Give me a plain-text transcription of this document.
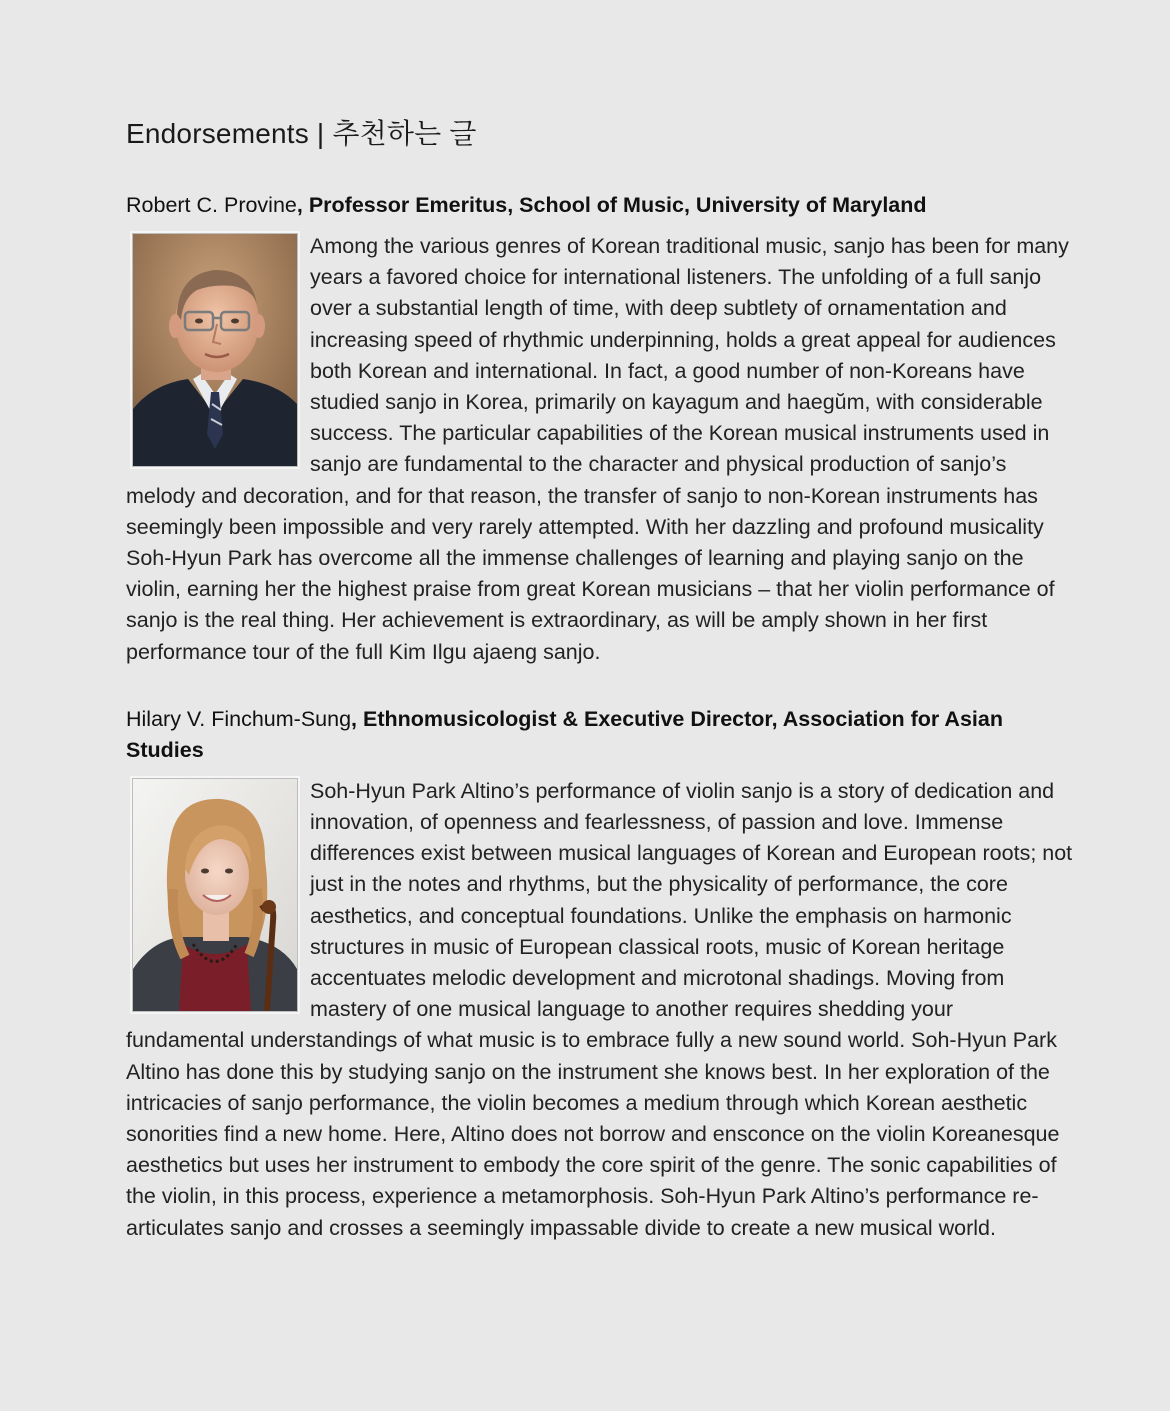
Endorsements | 추천하는 글
Robert C. Provine, Professor Emeritus, School of Music, University of Maryland

Among the various genres of Korean traditional music, sanjo has been for many years a favored choice for international listeners. The unfolding of a full sanjo over a substantial length of time, with deep subtlety of ornamentation and increasing speed of rhythmic underpinning, holds a great appeal for audiences both Korean and international. In fact, a good number of non-Koreans have studied sanjo in Korea, primarily on kayagum and haegŭm, with considerable success. The particular capabilities of the Korean musical instruments used in sanjo are fundamental to the character and physical production of sanjo’s melody and decoration, and for that reason, the transfer of sanjo to non-Korean instruments has seemingly been impossible and very rarely attempted. With her dazzling and profound musicality Soh-Hyun Park has overcome all the immense challenges of learning and playing sanjo on the violin, earning her the highest praise from great Korean musicians – that her violin performance of sanjo is the real thing. Her achievement is extraordinary, as will be amply shown in her first performance tour of the full Kim Ilgu ajaeng sanjo.

Hilary V. Finchum-Sung, Ethnomusicologist & Executive Director, Association for Asian Studies

Soh-Hyun Park Altino’s performance of violin sanjo is a story of dedication and innovation, of openness and fearlessness, of passion and love. Immense differences exist between musical languages of Korean and European roots; not just in the notes and rhythms, but the physicality of performance, the core aesthetics, and conceptual foundations. Unlike the emphasis on harmonic structures in music of European classical roots, music of Korean heritage accentuates melodic development and microtonal shadings. Moving from mastery of one musical language to another requires shedding your fundamental understandings of what music is to embrace fully a new sound world. Soh-Hyun Park Altino has done this by studying sanjo on the instrument she knows best. In her exploration of the intricacies of sanjo performance, the violin becomes a medium through which Korean aesthetic sonorities find a new home. Here, Altino does not borrow and ensconce on the violin Koreanesque aesthetics but uses her instrument to embody the core spirit of the genre. The sonic capabilities of the violin, in this process, experience a metamorphosis. Soh-Hyun Park Altino’s performance re-articulates sanjo and crosses a seemingly impassable divide to create a new musical world.
